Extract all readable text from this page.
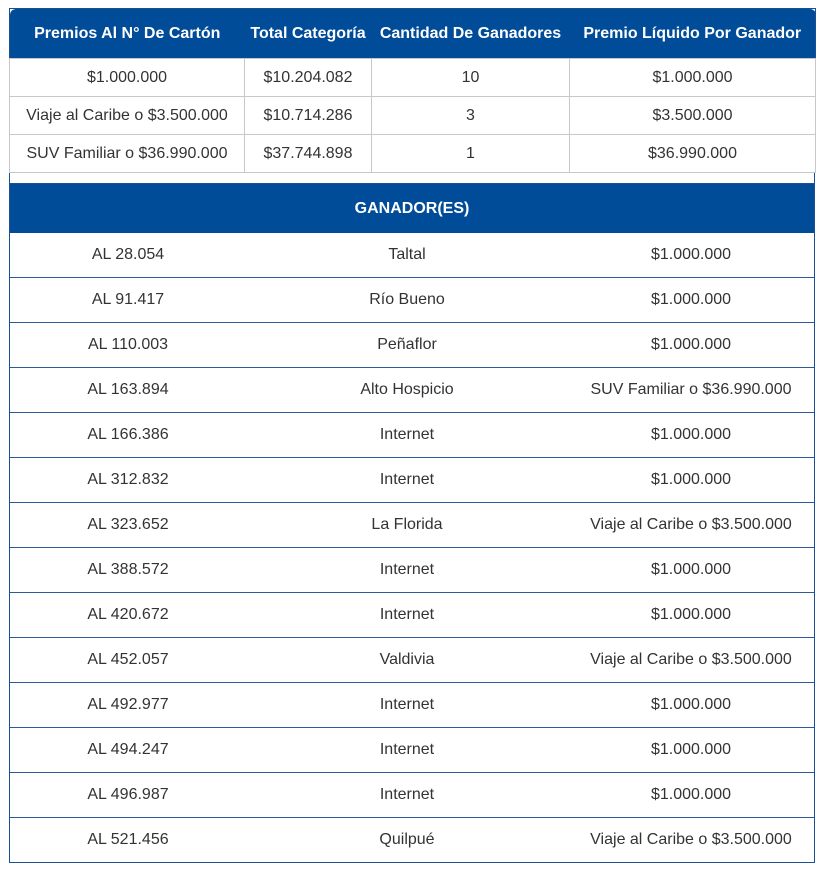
Premios Al N° De Cartón	Total Categoría	Cantidad De Ganadores	Premio Líquido Por Ganador
$1.000.000	$10.204.082	10	$1.000.000
Viaje al Caribe o $3.500.000	$10.714.286	3	$3.500.000
SUV Familiar o $36.990.000	$37.744.898	1	$36.990.000
GANADOR(ES)
AL 28.054	Taltal	$1.000.000
AL 91.417	Río Bueno	$1.000.000
AL 110.003	Peñaflor	$1.000.000
AL 163.894	Alto Hospicio	SUV Familiar o $36.990.000
AL 166.386	Internet	$1.000.000
AL 312.832	Internet	$1.000.000
AL 323.652	La Florida	Viaje al Caribe o $3.500.000
AL 388.572	Internet	$1.000.000
AL 420.672	Internet	$1.000.000
AL 452.057	Valdivia	Viaje al Caribe o $3.500.000
AL 492.977	Internet	$1.000.000
AL 494.247	Internet	$1.000.000
AL 496.987	Internet	$1.000.000
AL 521.456	Quilpué	Viaje al Caribe o $3.500.000
